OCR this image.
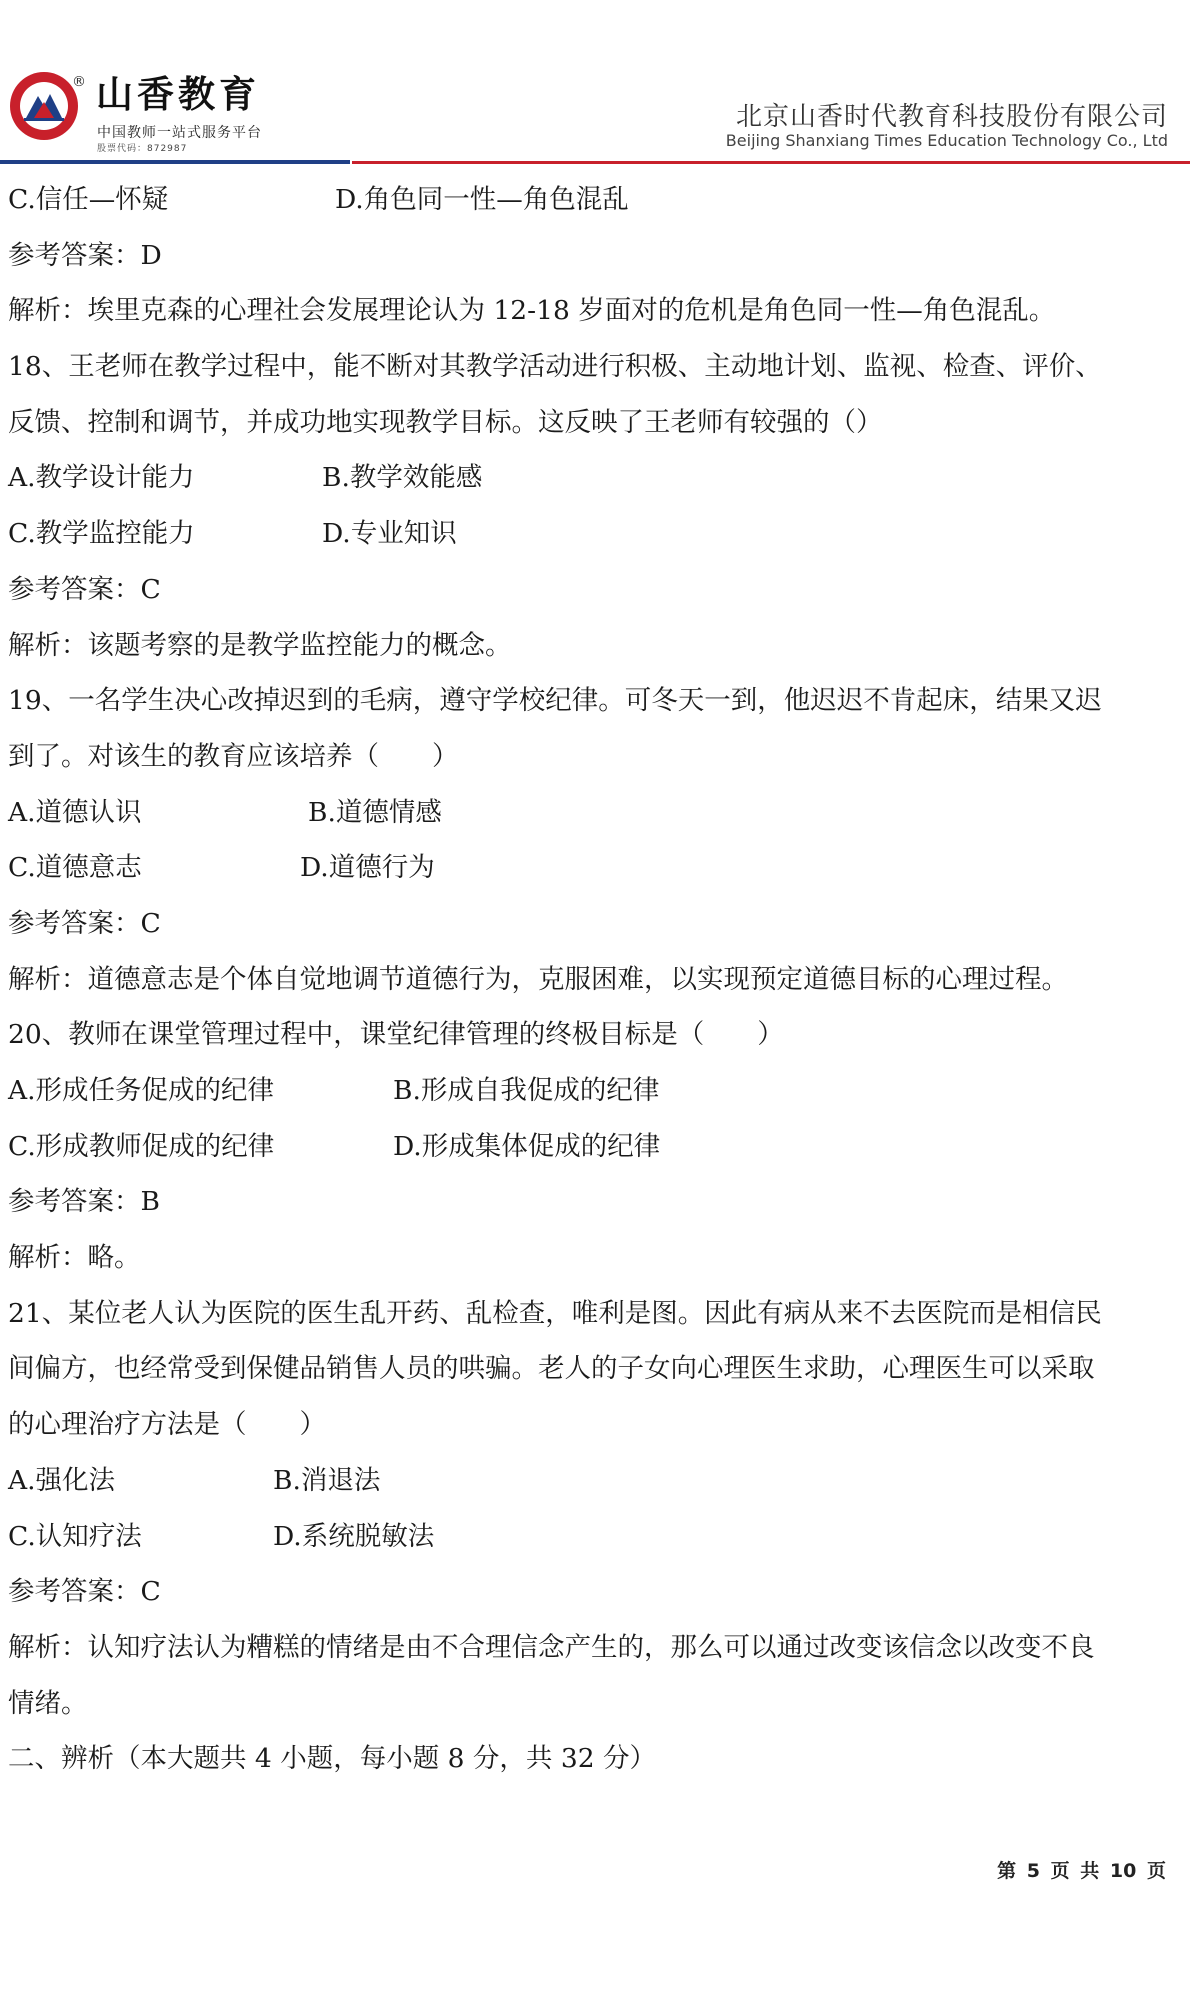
® 山香教育
中国教师一站式服务平台
股票代码：872987
北京山香时代教育科技股份有限公司
Beijing Shanxiang Times Education Technology Co., Ltd
C.信任—怀疑	D.角色同一性—角色混乱
参考答案：D
解析：埃里克森的心理社会发展理论认为 12-18 岁面对的危机是角色同一性—角色混乱。
18、王老师在教学过程中，能不断对其教学活动进行积极、主动地计划、监视、检查、评价、
反馈、控制和调节，并成功地实现教学目标。这反映了王老师有较强的（）
A.教学设计能力	B.教学效能感
C.教学监控能力	D.专业知识
参考答案：C
解析：该题考察的是教学监控能力的概念。
19、一名学生决心改掉迟到的毛病，遵守学校纪律。可冬天一到，他迟迟不肯起床，结果又迟
到了。对该生的教育应该培养（　　）
A.道德认识	B.道德情感
C.道德意志	D.道德行为
参考答案：C
解析：道德意志是个体自觉地调节道德行为，克服困难，以实现预定道德目标的心理过程。
20、教师在课堂管理过程中，课堂纪律管理的终极目标是（　　）
A.形成任务促成的纪律	B.形成自我促成的纪律
C.形成教师促成的纪律	D.形成集体促成的纪律
参考答案：B
解析：略。
21、某位老人认为医院的医生乱开药、乱检查，唯利是图。因此有病从来不去医院而是相信民
间偏方，也经常受到保健品销售人员的哄骗。老人的子女向心理医生求助，心理医生可以采取
的心理治疗方法是（　　）
A.强化法	B.消退法
C.认知疗法	D.系统脱敏法
参考答案：C
解析：认知疗法认为糟糕的情绪是由不合理信念产生的，那么可以通过改变该信念以改变不良
情绪。
二、辨析（本大题共 4 小题，每小题 8 分，共 32 分）
第 5 页 共 10 页
